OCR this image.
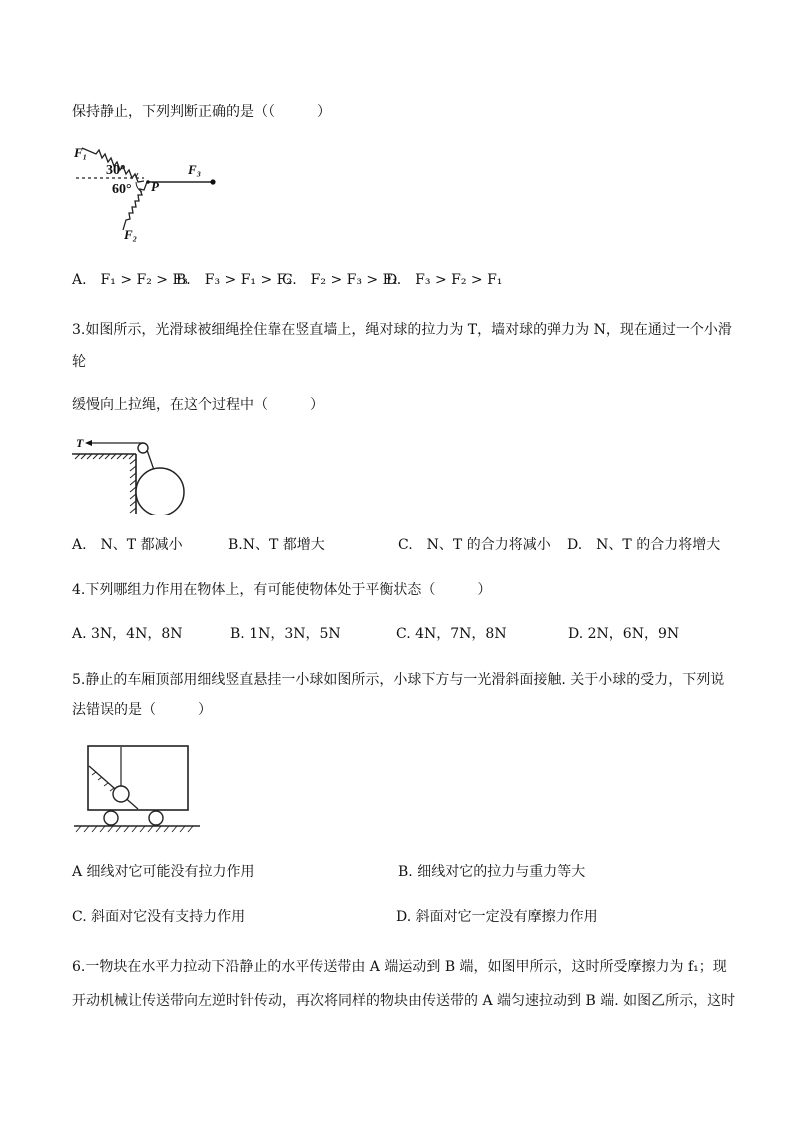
保持静止，下列判断正确的是（（　　　）
F₁
30°
60° P
F₃
F₂
A.　F₁ > F₂ > F₃
B.　F₃ > F₁ > F₂
C.　F₂ > F₃ > F₁
D.　F₃ > F₂ > F₁
3.如图所示，光滑球被细绳拴住靠在竖直墙上，绳对球的拉力为 T，墙对球的弹力为 N，现在通过一个小滑
轮
缓慢向上拉绳，在这个过程中（　　　）
T
A.　N、T 都减小	B.N、T 都增大	C.　N、T 的合力将减小 D.　N、T 的合力将增大
4.下列哪组力作用在物体上，有可能使物体处于平衡状态（　　　）
A. 3N，4N，8N	B. 1N，3N，5N	C. 4N，7N，8N	D. 2N，6N，9N
5.静止的车厢顶部用细线竖直悬挂一小球如图所示，小球下方与一光滑斜面接触. 关于小球的受力，下列说
法错误的是（　　　）
A 细线对它可能没有拉力作用	B. 细线对它的拉力与重力等大
C. 斜面对它没有支持力作用	D. 斜面对它一定没有摩擦力作用
6.一物块在水平力拉动下沿静止的水平传送带由 A 端运动到 B 端，如图甲所示，这时所受摩擦力为 f₁；现
开动机械让传送带向左逆时针传动，再次将同样的物块由传送带的 A 端匀速拉动到 B 端. 如图乙所示，这时
